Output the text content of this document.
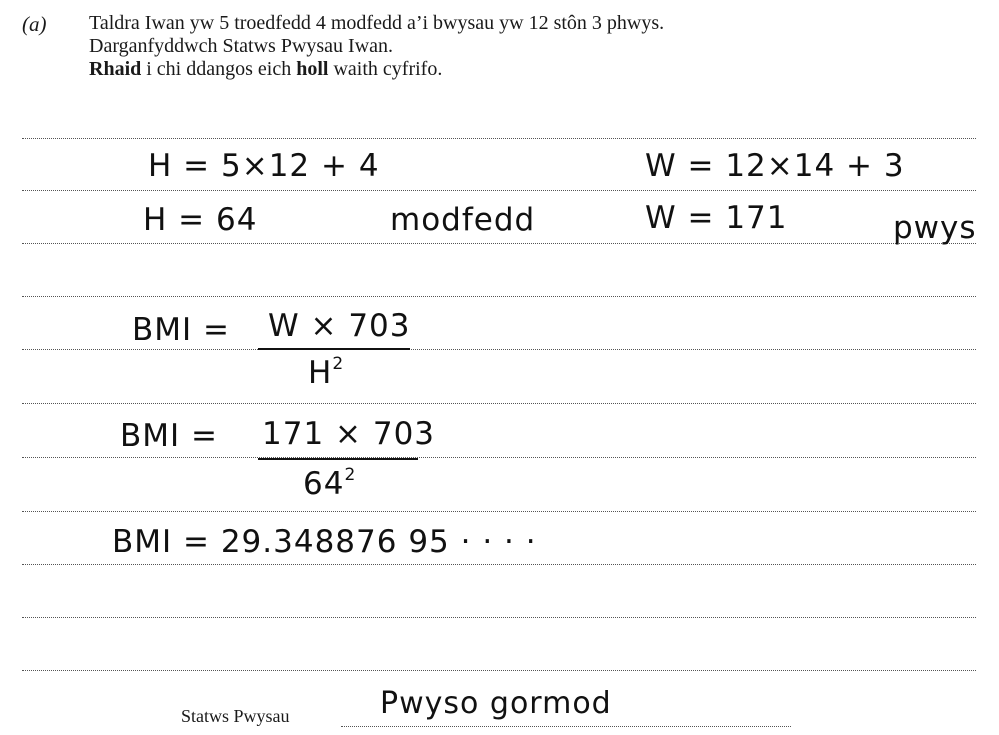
(a) Taldra Iwan yw 5 troedfedd 4 modfedd a’i bwysau yw 12 stôn 3 phwys.
Darganfyddwch Statws Pwysau Iwan.
Rhaid i chi ddangos eich holl waith cyfrifo.
H = 5×12 + 4	W = 12×14 + 3
H = 64	modfedd	W = 171	pwys
BMI = W × 703
$H^2$
BMI = 171 × 703
$64^2$
BMI = 29.348876 95 · · · ·
Statws Pwysau	Pwyso gormod
